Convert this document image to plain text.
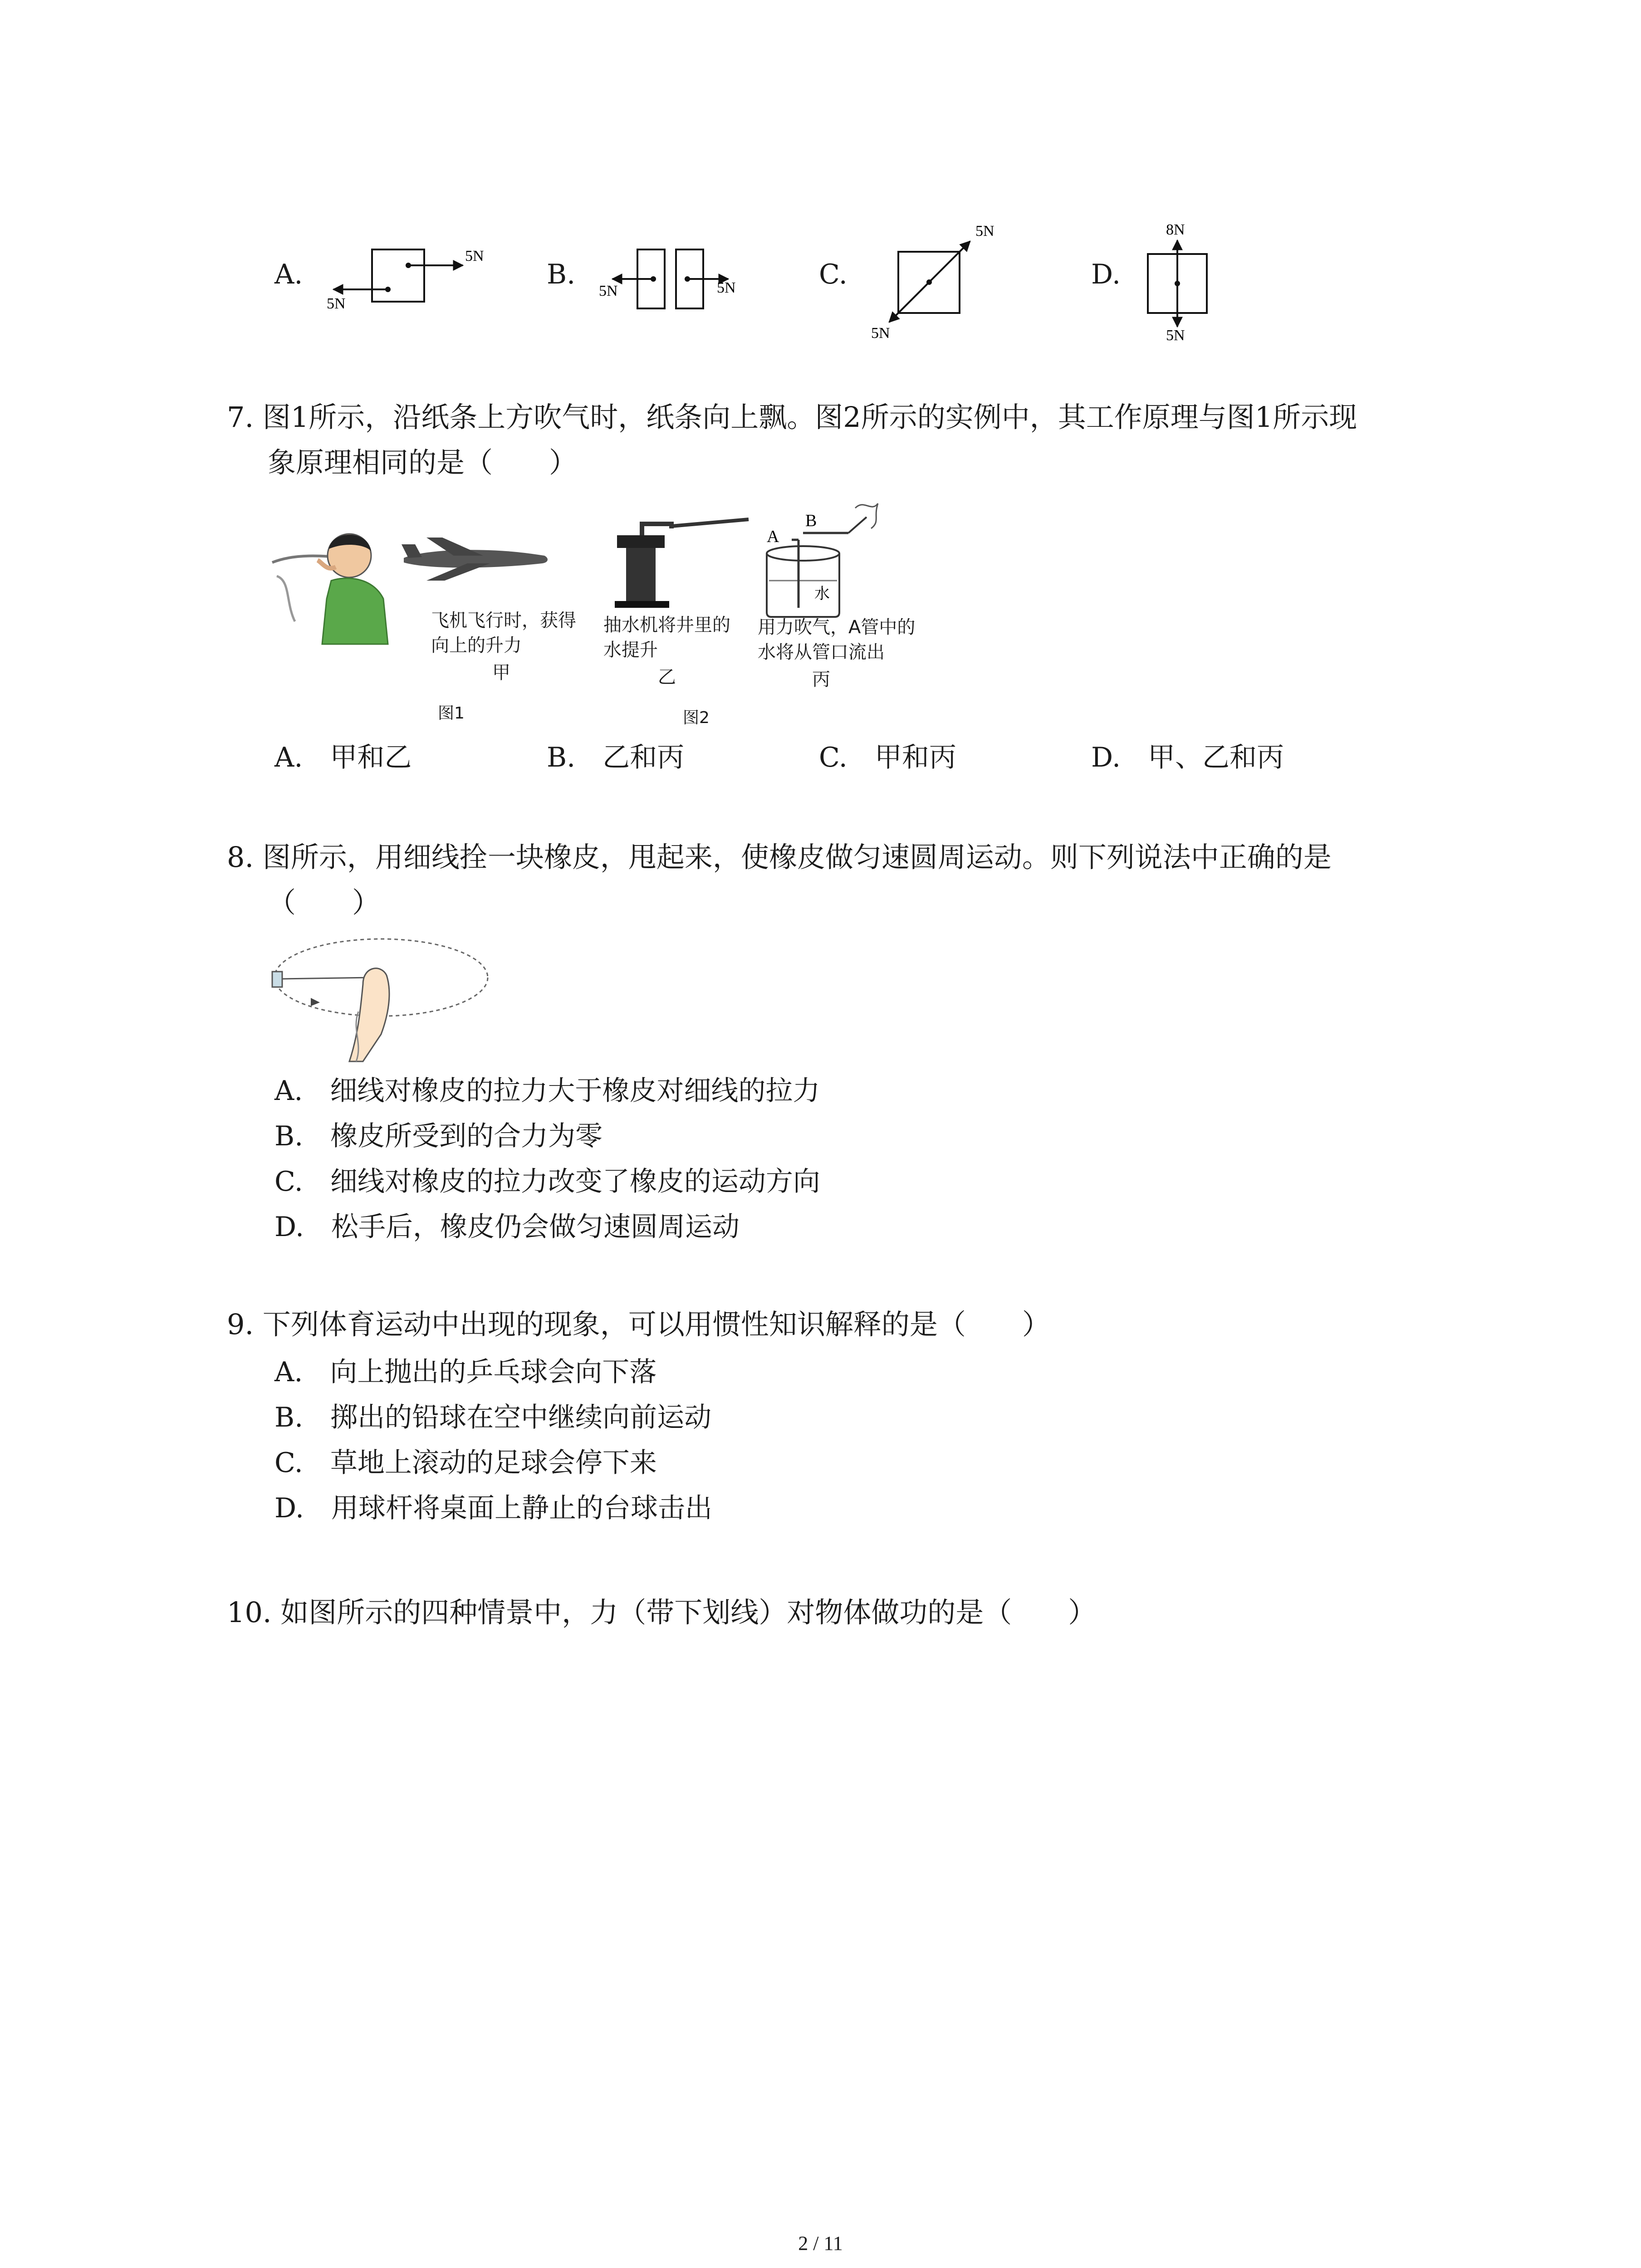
A.	B.	C.	D.
5N
5N
5N	5N
5N
5N
8N
5N
7. 图1所示，沿纸条上方吹气时，纸条向上飘。图2所示的实例中，其工作原理与图1所示现
象原理相同的是（　　）
飞机飞行时，获得
向上的升力
甲
图1
抽水机将井里的
水提升
乙
图2
A
B
水
用力吹气，A管中的
水将从管口流出
丙
A.　甲和乙	B.　乙和丙	C.　甲和丙	D.　甲、乙和丙
8. 图所示，用细线拴一块橡皮，甩起来，使橡皮做匀速圆周运动。则下列说法中正确的是
（　　）
A.　细线对橡皮的拉力大于橡皮对细线的拉力
B.　橡皮所受到的合力为零
C.　细线对橡皮的拉力改变了橡皮的运动方向
D.　松手后，橡皮仍会做匀速圆周运动
9. 下列体育运动中出现的现象，可以用惯性知识解释的是（　　）
A.　向上抛出的乒乓球会向下落
B.　掷出的铅球在空中继续向前运动
C.　草地上滚动的足球会停下来
D.　用球杆将桌面上静止的台球击出
10. 如图所示的四种情景中，力（带下划线）对物体做功的是（　　）
2 / 11
